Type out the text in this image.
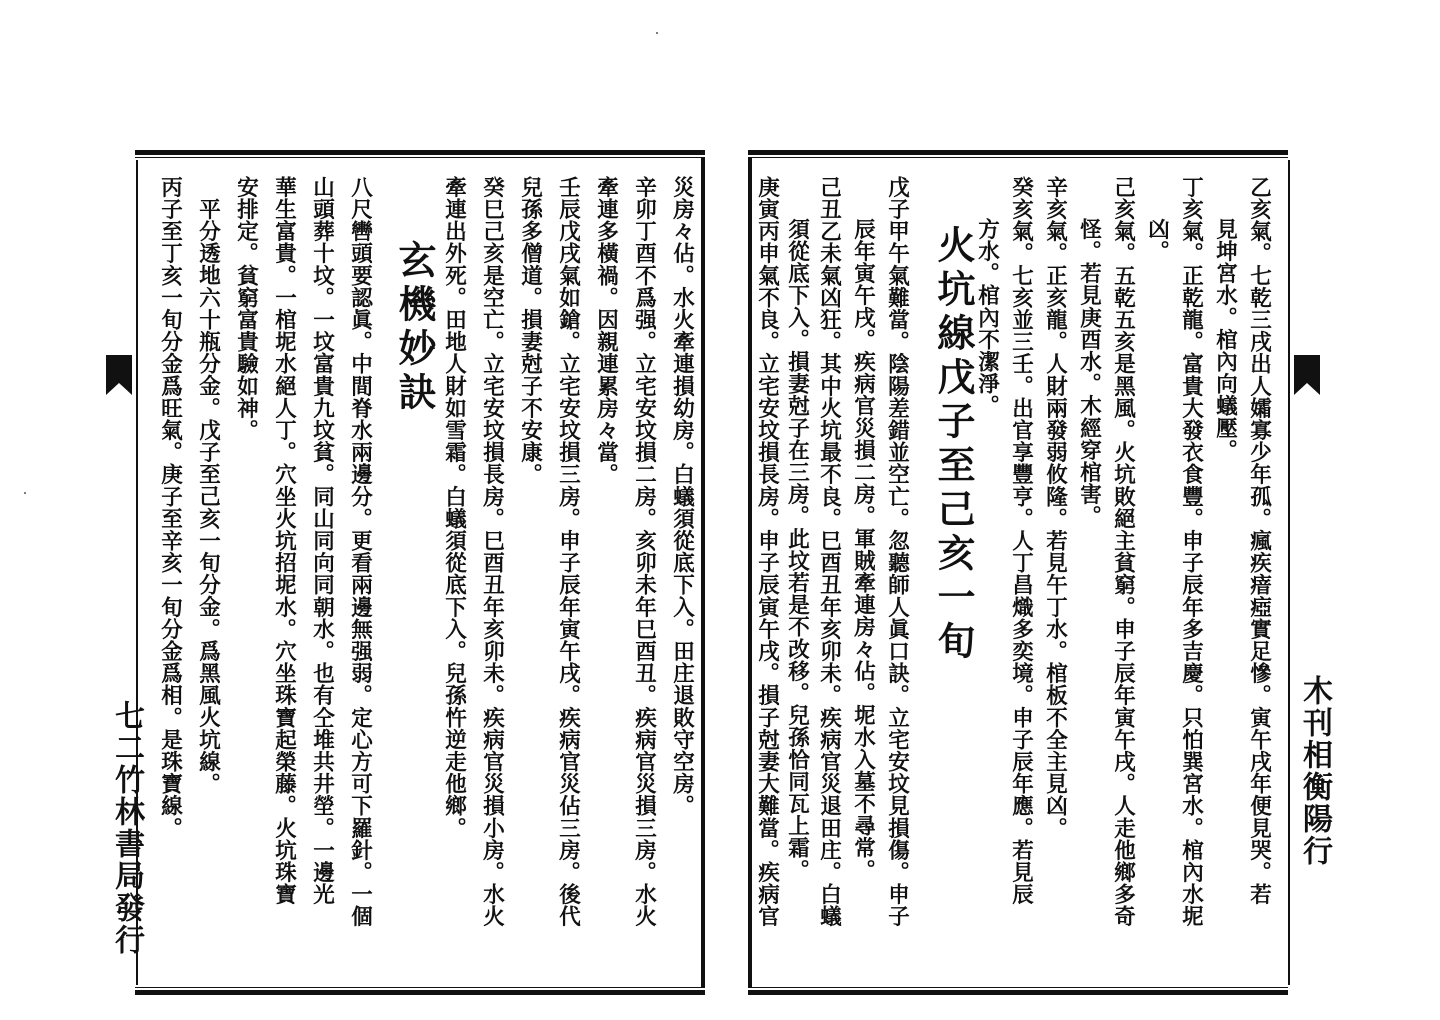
七二竹林書局發行
災房々佔。水火牽連損幼房。白蟻須從底下入。田庄退敗守空房。
辛卯丁酉不爲强。立宅安坟損二房。亥卯未年巳酉丑。疾病官災損三房。水火
牽連多橫禍。因親連累房々當。
壬辰戊戌氣如鎗。立宅安坟損三房。申子辰年寅午戌。疾病官災佔三房。後代
兒孫多僧道。損妻尅子不安康。
癸巳己亥是空亡。立宅安坟損長房。巳酉丑年亥卯未。疾病官災損小房。水火
牽連出外死。田地人財如雪霜。白蟻須從底下入。兒孫忤逆走他鄉。
玄機妙訣
八尺轡頭要認眞。中間脊水兩邊分。更看兩邊無强弱。定心方可下羅針。一個
山頭葬十坟。一坟富貴九坟貧。同山同向同朝水。也有仝堆共井塋。一邊光
華生富貴。一棺坭水絕人丁。穴坐火坑招坭水。穴坐珠寶起榮藤。火坑珠寶
安排定。貧窮富貴驗如神。
平分透地六十瓶分金。戊子至己亥一旬分金。爲黑風火坑線。
丙子至丁亥一旬分金爲旺氣。庚子至辛亥一旬分金爲相。是珠寶線。	乙亥氣。七乾三戌出人孀寡少年孤。瘋疾瘖瘂實足慘。寅午戌年便見哭。若
見坤宮水。棺內向蟻壓。
丁亥氣。正乾龍。富貴大發衣食豐。申子辰年多吉慶。只怕巽宮水。棺內水坭
凶。
己亥氣。五乾五亥是黑風。火坑敗絕主貧窮。申子辰年寅午戌。人走他鄉多奇
怪。若見庚酉水。木經穿棺害。
辛亥氣。正亥龍。人財兩發弱攸隆。若見午丁水。棺板不全主見凶。
癸亥氣。七亥並三壬。出官享豐亨。人丁昌熾多奕境。申子辰年應。若見辰
方水。棺內不潔淨。
火坑線戊子至己亥一旬
戊子甲午氣難當。陰陽差錯並空亡。忽聽師人眞口訣。立宅安坟見損傷。申子
辰年寅午戌。疾病官災損二房。軍賊牽連房々佔。坭水入墓不尋常。
己丑乙未氣凶狂。其中火坑最不良。巳酉丑年亥卯未。疾病官災退田庄。白蟻
須從底下入。損妻尅子在三房。此坟若是不改移。兒孫恰同瓦上霜。
庚寅丙申氣不良。立宅安坟損長房。申子辰寅午戌。損子尅妻大難當。疾病官	木刊相衡陽行
